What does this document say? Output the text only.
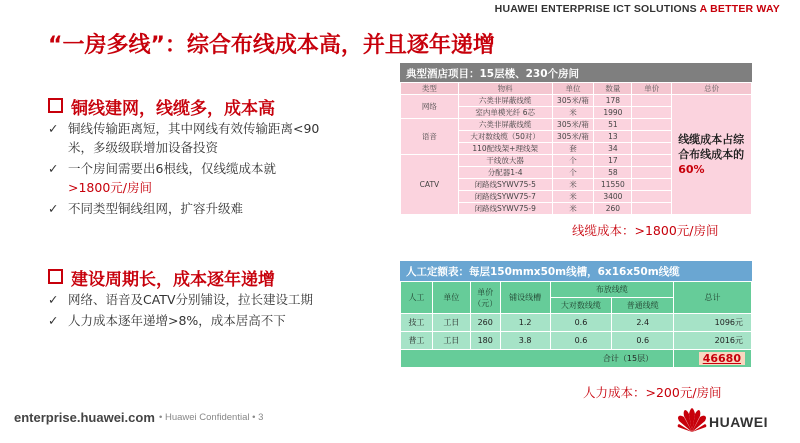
HUAWEI ENTERPRISE ICT SOLUTIONS A BETTER WAY
“一房多线”：综合布线成本高，并且逐年递增
铜线建网，线缆多，成本高
✓ 铜线传输距离短，其中网线有效传输距离<90米，多级级联增加设备投资
✓ 一个房间需要出6根线，仅线缆成本就
>1800元/房间
✓ 不同类型铜线组网，扩容升级难
建设周期长，成本逐年递增
✓ 网络、语音及CATV分别铺设，拉长建设工期
✓ 人力成本逐年递增>8%，成本居高不下
典型酒店项目：15层楼、230个房间
类型	物料	单位	数量	单价	总价
网络	六类非屏蔽线缆	305米/箱	178		线缆成本占综合布线成本的60%
	室内单模光纤 6芯	米	1990		
语音	六类非屏蔽线缆	305米/箱	51		
	大对数线缆（50对）	305米/箱	13		
	110配线架+理线架	套	34		
CATV	干线放大器	个	17		
	分配器1-4	个	58		
	闭路线SYWV75-5	米	11550		
	闭路线SYWV75-7	米	3400		
	闭路线SYWV75-9	米	260		
线缆成本：>1800元/房间
人工定额表：每层150mmx50m线槽，6x16x50m线缆
人工	单位	单价（元）	铺设线槽	布放线缆		总计
				大对数线缆	普通线缆	
技工	工日	260	1.2	0.6	2.4	1096元
普工	工日	180	3.8	0.6	0.6	2016元
合计（15层）						46680
人力成本：>200元/房间
enterprise.huawei.com • Huawei Confidential • 3	HUAWEI
